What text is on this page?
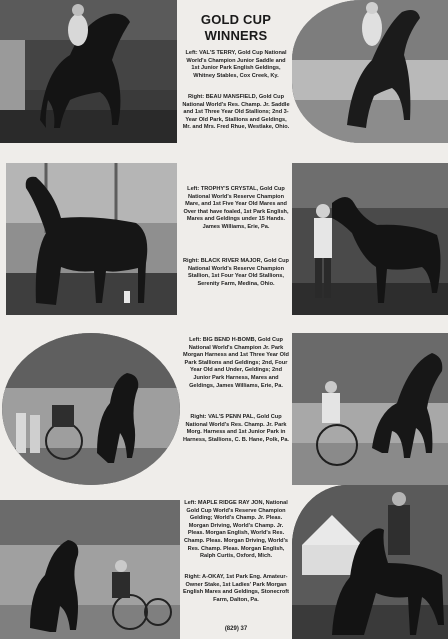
GOLD CUP
WINNERS

Left: VAL'S TERRY, Gold Cup National World's Champion Junior Saddle and 1st Junior Park English Geldings, Whitney Stables, Cox Creek, Ky.

Right: BEAU MANSFIELD, Gold Cup National World's Res. Champ. Jr. Saddle and 1st Three Year Old Stallions; 2nd 3-Year Old Park, Stallions and Geldings, Mr. and Mrs. Fred Rhue, Westlake, Ohio.

Left: TROPHY'S CRYSTAL, Gold Cup National World's Reserve Champion Mare, and 1st Five Year Old Mares and Over that have foaled, 1st Park English, Mares and Geldings under 15 Hands. James Williams, Erie, Pa.

Right: BLACK RIVER MAJOR, Gold Cup National World's Reserve Champion Stallion, 1st Four Year Old Stallions, Serenity Farm, Medina, Ohio.

Left: BIG BEND H-BOMB, Gold Cup National World's Champion Jr. Park Morgan Harness and 1st Three Year Old Park Stallions and Geldings; 2nd, Four Year Old and Under, Geldings; 2nd Junior Park Harness, Mares and Geldings, James Williams, Erie, Pa.

Right: VAL'S PENN PAL, Gold Cup National World's Res. Champ. Jr. Park Morg. Harness and 1st Junior Park in Harness, Stallions, C. B. Hane, Polk, Pa.

Left: MAPLE RIDGE RAY JON, National Gold Cup World's Reserve Champion Gelding; World's Champ. Jr. Pleas. Morgan Driving, World's Champ. Jr. Pleas. Morgan English, World's Res. Champ. Pleas. Morgan Driving, World's Res. Champ. Pleas. Morgan English, Ralph Curtis, Oxford, Mich.

Right: A-OKAY, 1st Park Eng. Amateur-Owner Stake, 1st Ladies' Park Morgan English Mares and Geldings, Stonecroft Farm, Dalton, Pa.

(829) 37
